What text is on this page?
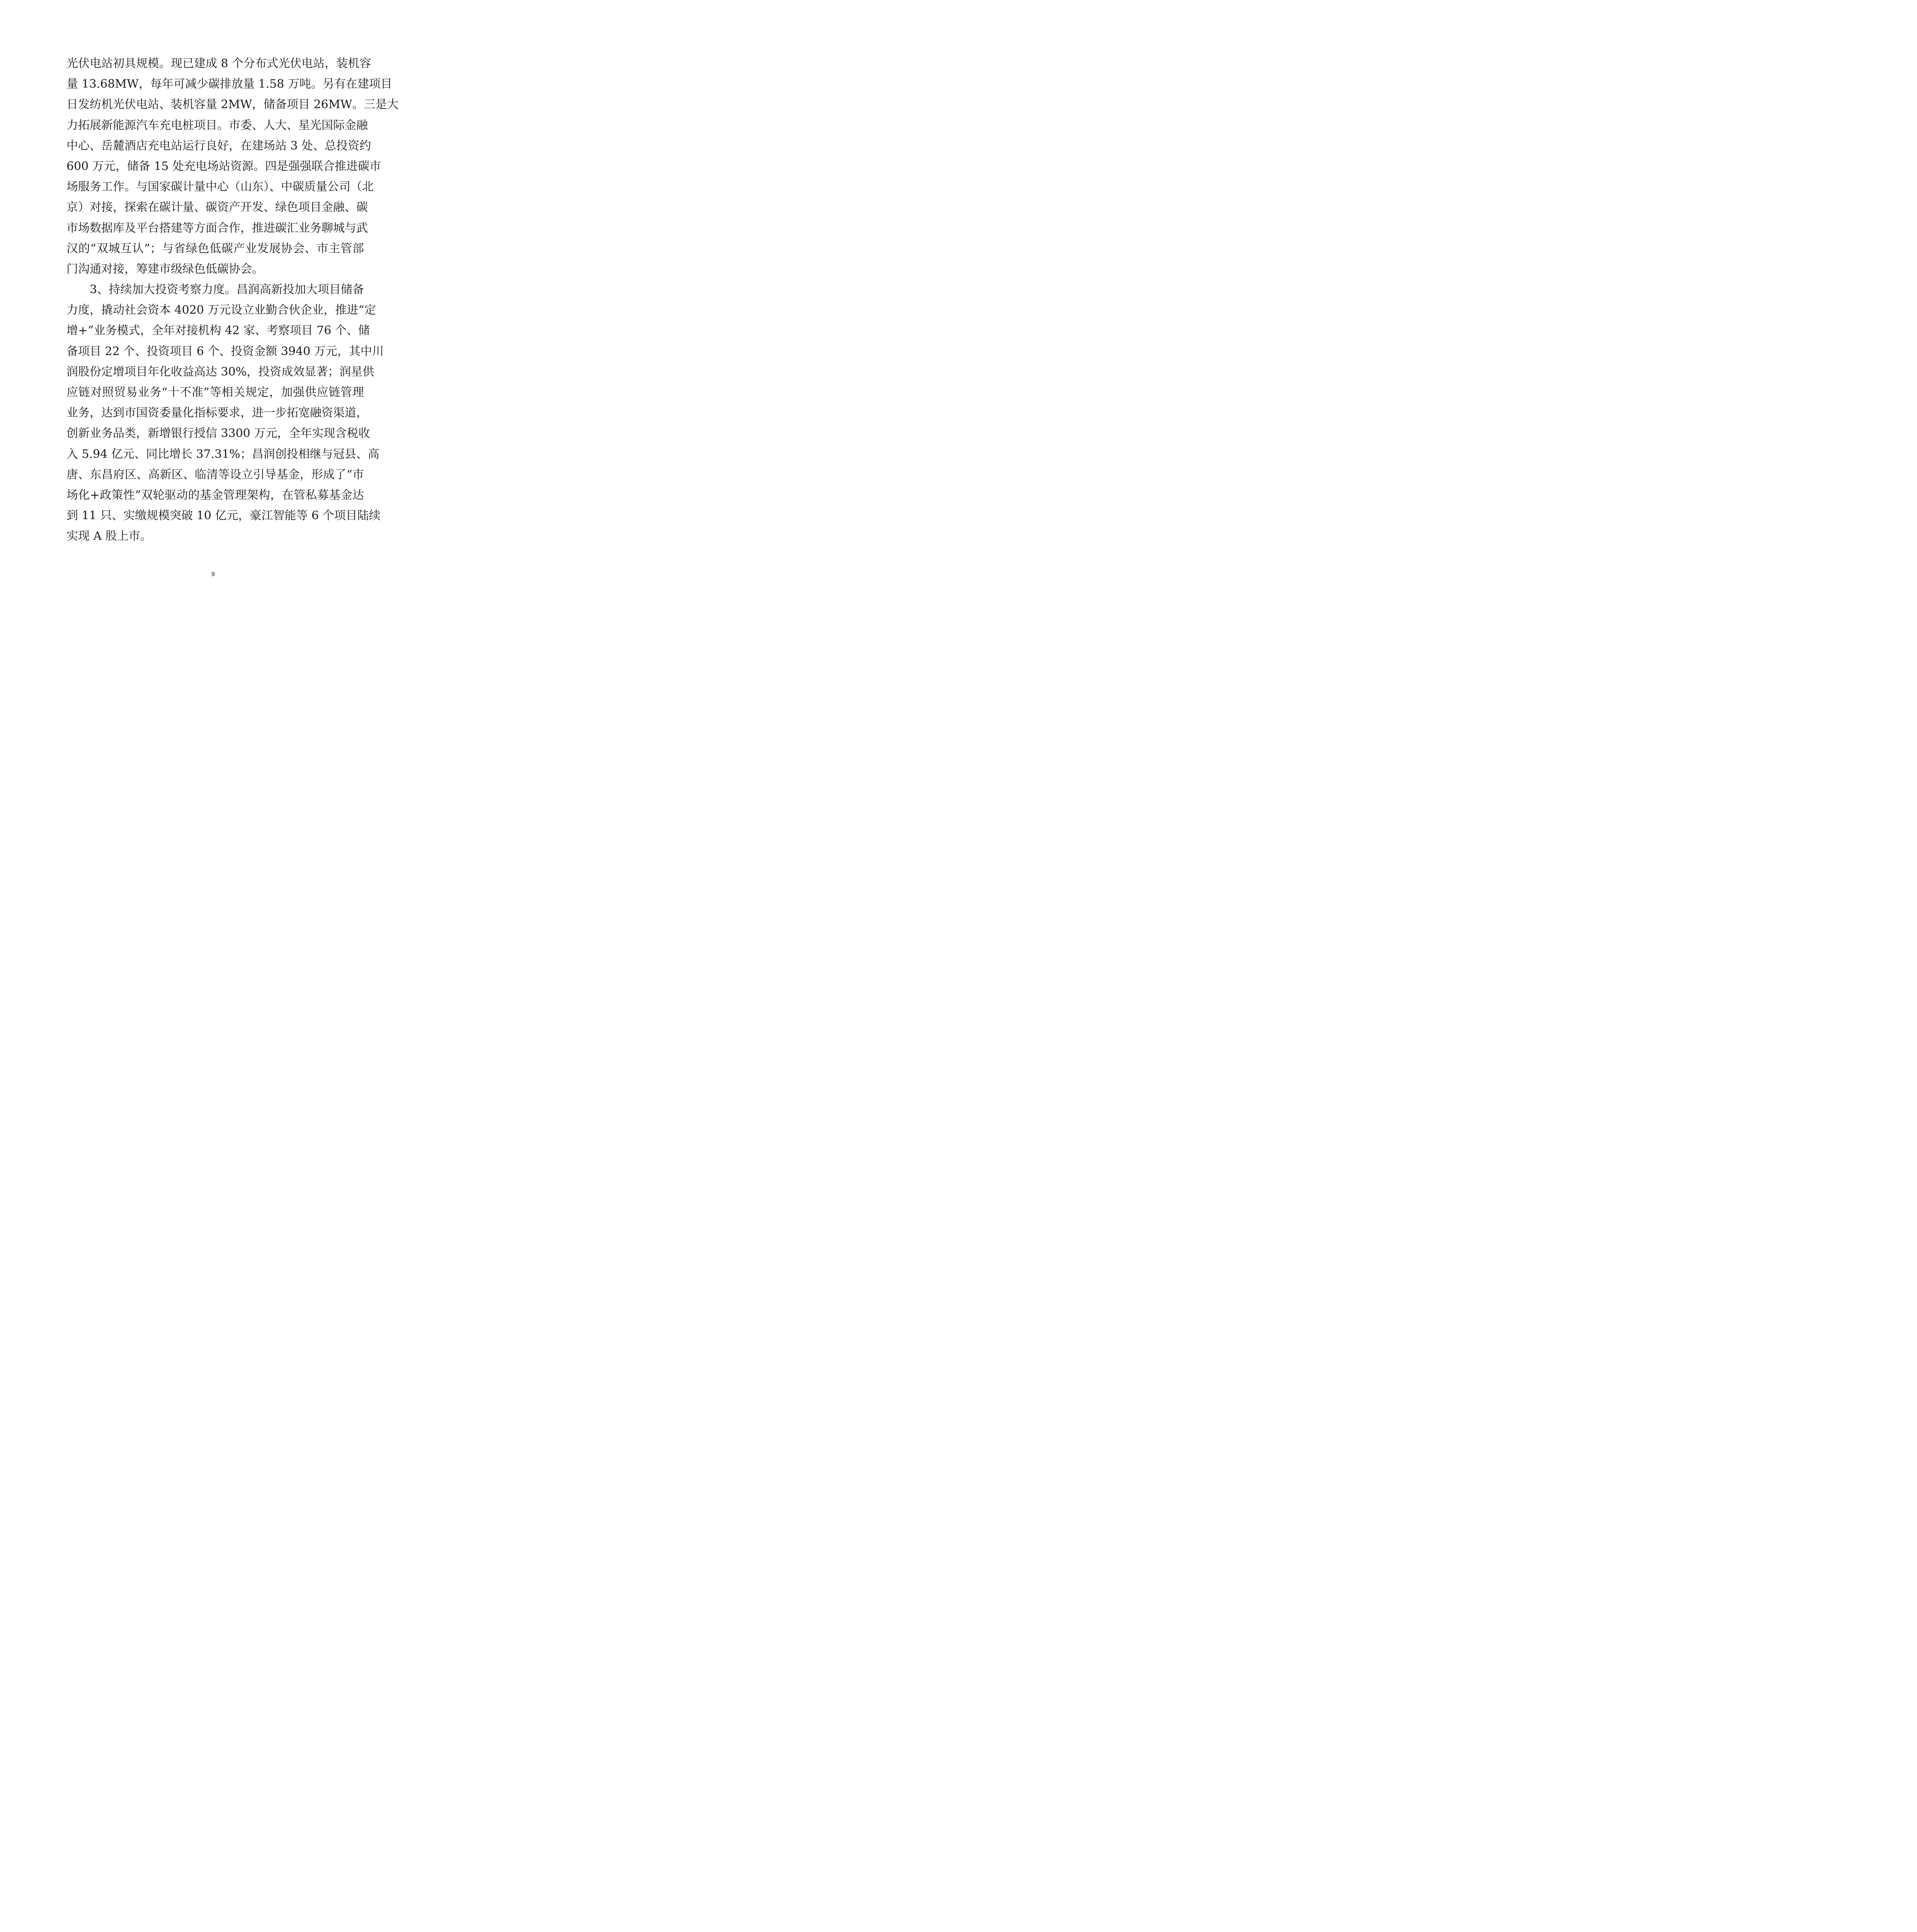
光伏电站初具规模。现已建成 8 个分布式光伏电站，装机容
量 13.68MW，每年可减少碳排放量 1.58 万吨。另有在建项目
日发纺机光伏电站、装机容量 2MW，储备项目 26MW。三是大
力拓展新能源汽车充电桩项目。市委、人大、星光国际金融
中心、岳麓酒店充电站运行良好，在建场站 3 处、总投资约
600 万元，储备 15 处充电场站资源。四是强强联合推进碳市
场服务工作。与国家碳计量中心（山东）、中碳质量公司（北
京）对接，探索在碳计量、碳资产开发、绿色项目金融、碳
市场数据库及平台搭建等方面合作，推进碳汇业务聊城与武
汉的“双城互认”；与省绿色低碳产业发展协会、市主管部
门沟通对接，筹建市级绿色低碳协会。
3、持续加大投资考察力度。昌润高新投加大项目储备
力度，撬动社会资本 4020 万元设立业勤合伙企业，推进“定
增+”业务模式，全年对接机构 42 家、考察项目 76 个、储
备项目 22 个、投资项目 6 个、投资金额 3940 万元，其中川
润股份定增项目年化收益高达 30%，投资成效显著；润星供
应链对照贸易业务“十不准”等相关规定，加强供应链管理
业务，达到市国资委量化指标要求，进一步拓宽融资渠道，
创新业务品类，新增银行授信 3300 万元，全年实现含税收
入 5.94 亿元、同比增长 37.31%；昌润创投相继与冠县、高
唐、东昌府区、高新区、临清等设立引导基金，形成了“市
场化+政策性”双轮驱动的基金管理架构，在管私募基金达
到 11 只、实缴规模突破 10 亿元，豪江智能等 6 个项目陆续
实现 A 股上市。
9
